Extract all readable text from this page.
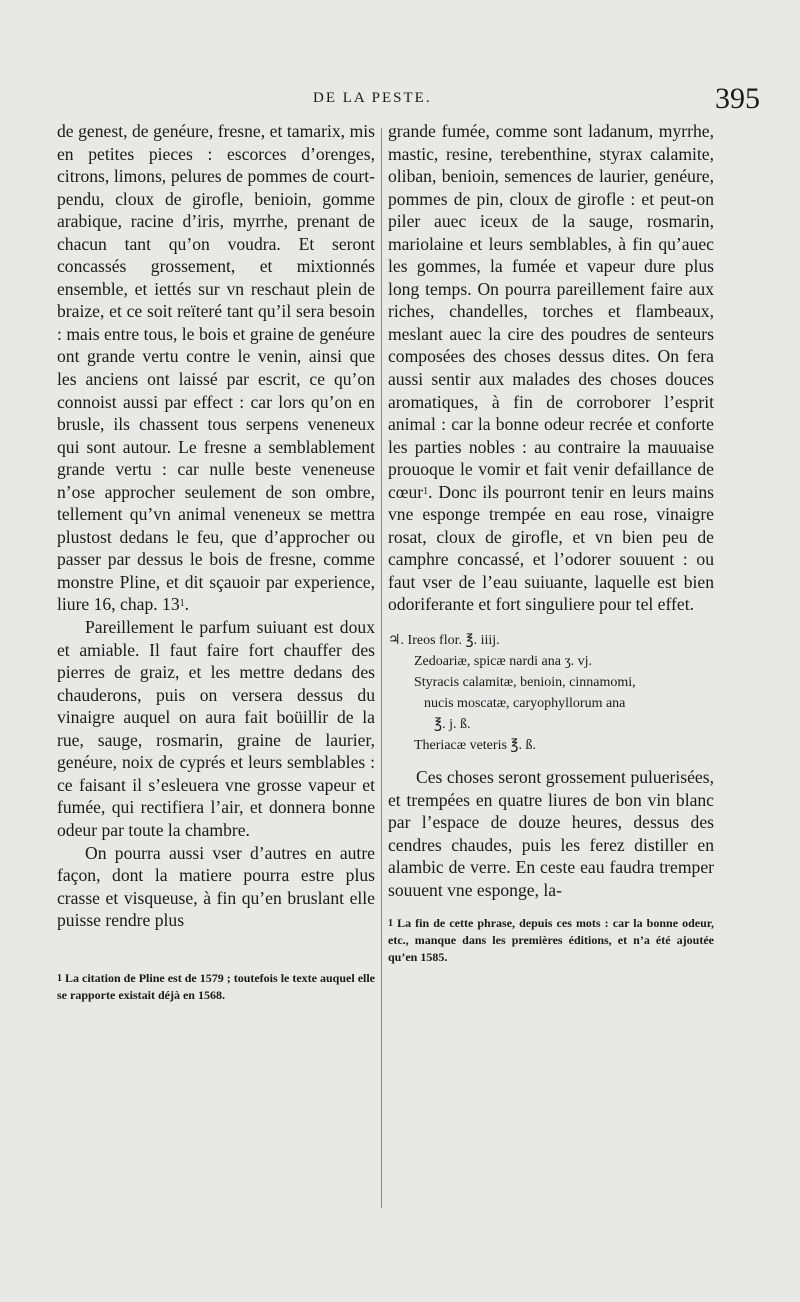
DE LA PESTE.	395

de genest, de genéure, fresne, et tamarix, mis en petites pieces : escorces d’orenges, citrons, limons, pelures de pommes de court-pendu, cloux de girofle, benioin, gomme arabique, racine d’iris, myrrhe, prenant de chacun tant qu’on voudra. Et seront concassés grossement, et mixtionnés ensemble, et iettés sur vn reschaut plein de braize, et ce soit reïteré tant qu’il sera besoin : mais entre tous, le bois et graine de genéure ont grande vertu contre le venin, ainsi que les anciens ont laissé par escrit, ce qu’on connoist aussi par effect : car lors qu’on en brusle, ils chassent tous serpens veneneux qui sont autour. Le fresne a semblablement grande vertu : car nulle beste veneneuse n’ose approcher seulement de son ombre, tellement qu’vn animal veneneux se mettra plustost dedans le feu, que d’approcher ou passer par dessus le bois de fresne, comme monstre Pline, et dit sçauoir par experience, liure 16, chap. $13^1$.

Pareillement le parfum suiuant est doux et amiable. Il faut faire fort chauffer des pierres de graiz, et les mettre dedans des chauderons, puis on versera dessus du vinaigre auquel on aura fait boüillir de la rue, sauge, rosmarin, graine de laurier, genéure, noix de cyprés et leurs semblables : ce faisant il s’esleuera vne grosse vapeur et fumée, qui rectifiera l’air, et donnera bonne odeur par toute la chambre.

On pourra aussi vser d’autres en autre façon, dont la matiere pourra estre plus crasse et visqueuse, à fin qu’en bruslant elle puisse rendre plus

$^1$ La citation de Pline est de 1579 ; toutefois le texte auquel elle se rapporte existait déjà en 1568.

grande fumée, comme sont ladanum, myrrhe, mastic, resine, terebenthine, styrax calamite, oliban, benioin, semences de laurier, genéure, pommes de pin, cloux de girofle : et peut-on piler auec iceux de la sauge, rosmarin, mariolaine et leurs semblables, à fin qu’auec les gommes, la fumée et vapeur dure plus long temps. On pourra pareillement faire aux riches, chandelles, torches et flambeaux, meslant auec la cire des poudres de senteurs composées des choses dessus dites. On fera aussi sentir aux malades des choses douces aromatiques, à fin de corroborer l’esprit animal : car la bonne odeur recrée et conforte les parties nobles : au contraire la mauuaise prouoque le vomir et fait venir defaillance de cœur$^1$. Donc ils pourront tenir en leurs mains vne esponge trempée en eau rose, vinaigre rosat, cloux de girofle, et vn bien peu de camphre concassé, et l’odorer souuent : ou faut vser de l’eau suiuante, laquelle est bien odoriferante et fort singuliere pour tel effet.

♃. Ireos flor. ℥. iiij.
Zedoariæ, spicæ nardi ana ʒ. vj.
Styracis calamitæ, benioin, cinnamomi,
nucis moscatæ, caryophyllorum ana
℥. j. ß.
Theriacæ veteris ℥. ß.

Ces choses seront grossement puluerisées, et trempées en quatre liures de bon vin blanc par l’espace de douze heures, dessus des cendres chaudes, puis les ferez distiller en alambic de verre. En ceste eau faudra tremper souuent vne esponge, la-

$^1$ La fin de cette phrase, depuis ces mots : car la bonne odeur, etc., manque dans les premières éditions, et n’a été ajoutée qu’en 1585.
